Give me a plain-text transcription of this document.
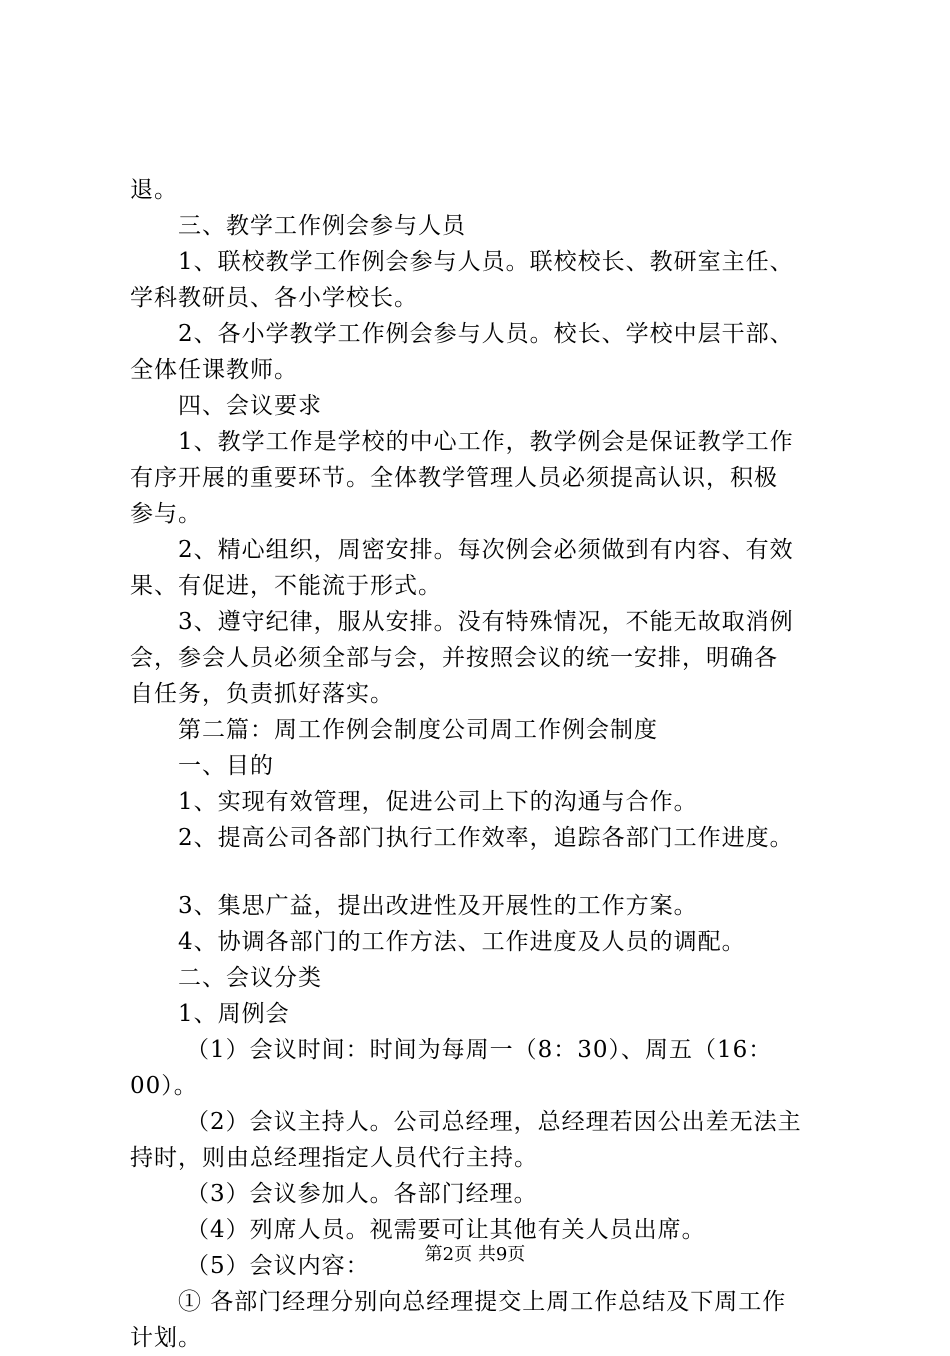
退。
三、教学工作例会参与人员
1、联校教学工作例会参与人员。联校校长、教研室主任、
学科教研员、各小学校长。
2、各小学教学工作例会参与人员。校长、学校中层干部、
全体任课教师。
四、会议要求
1、教学工作是学校的中心工作，教学例会是保证教学工作
有序开展的重要环节。全体教学管理人员必须提高认识，积极
参与。
2、精心组织，周密安排。每次例会必须做到有内容、有效
果、有促进，不能流于形式。
3、遵守纪律，服从安排。没有特殊情况，不能无故取消例
会，参会人员必须全部与会，并按照会议的统一安排，明确各
自任务，负责抓好落实。
第二篇：周工作例会制度公司周工作例会制度
一、目的
1、实现有效管理，促进公司上下的沟通与合作。
2、提高公司各部门执行工作效率，追踪各部门工作进度。
3、集思广益，提出改进性及开展性的工作方案。
4、协调各部门的工作方法、工作进度及人员的调配。
二、会议分类
1、周例会
（1）会议时间：时间为每周一（8：30）、周五（16：
00）。
（2）会议主持人。公司总经理，总经理若因公出差无法主
持时，则由总经理指定人员代行主持。
（3）会议参加人。各部门经理。
（4）列席人员。视需要可让其他有关人员出席。
（5）会议内容：
① 各部门经理分别向总经理提交上周工作总结及下周工作
计划。
第2页 共9页
